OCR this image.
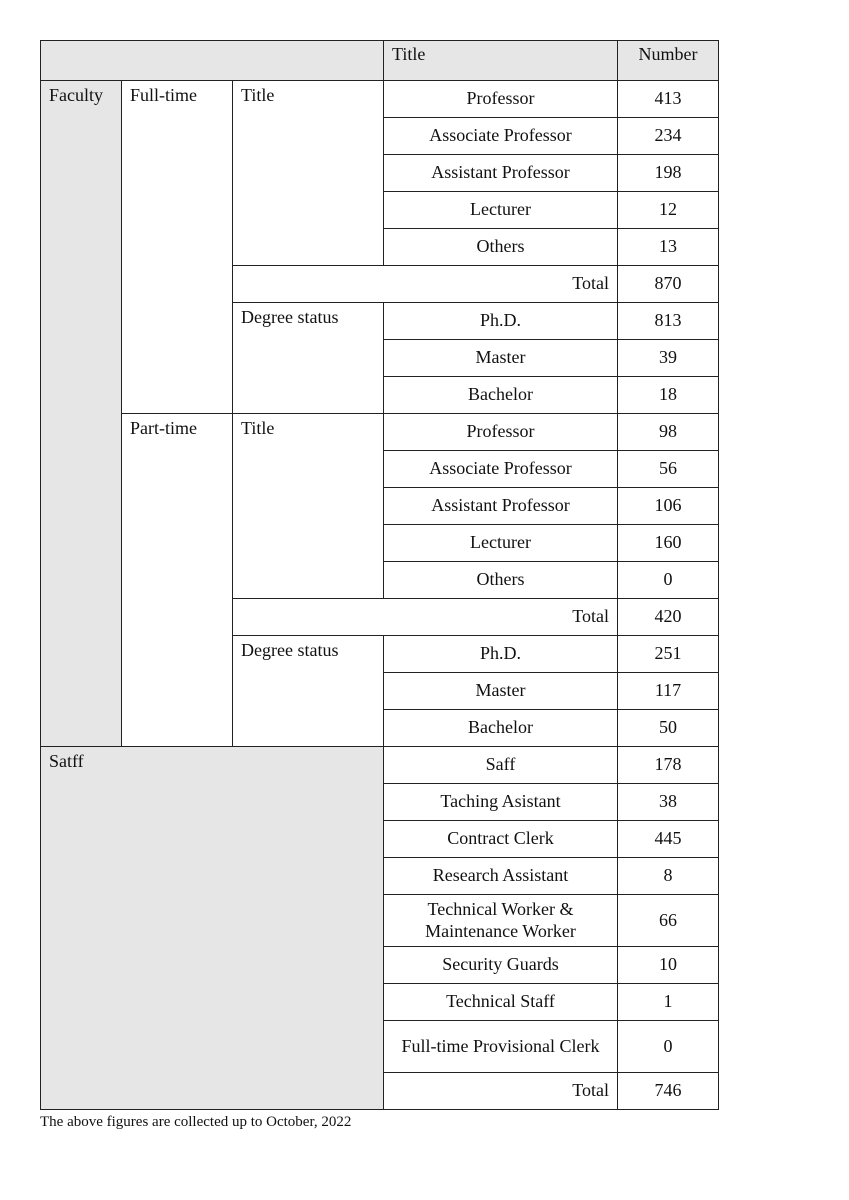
			Title	Number
Faculty	Full-time	Title	Professor	413
			Associate Professor	234
			Assistant Professor	198
			Lecturer	12
			Others	13
		Total		870
		Degree status	Ph.D.	813
			Master	39
			Bachelor	18
	Part-time	Title	Professor	98
			Associate Professor	56
			Assistant Professor	106
			Lecturer	160
			Others	0
		Total		420
		Degree status	Ph.D.	251
			Master	117
			Bachelor	50
Satff			Saff	178
			Taching Asistant	38
			Contract Clerk	445
			Research Assistant	8
			Technical Worker & Maintenance Worker	66
			Security Guards	10
			Technical Staff	1
			Full-time Provisional Clerk	0
			Total	746
The above figures are collected up to October, 2022
